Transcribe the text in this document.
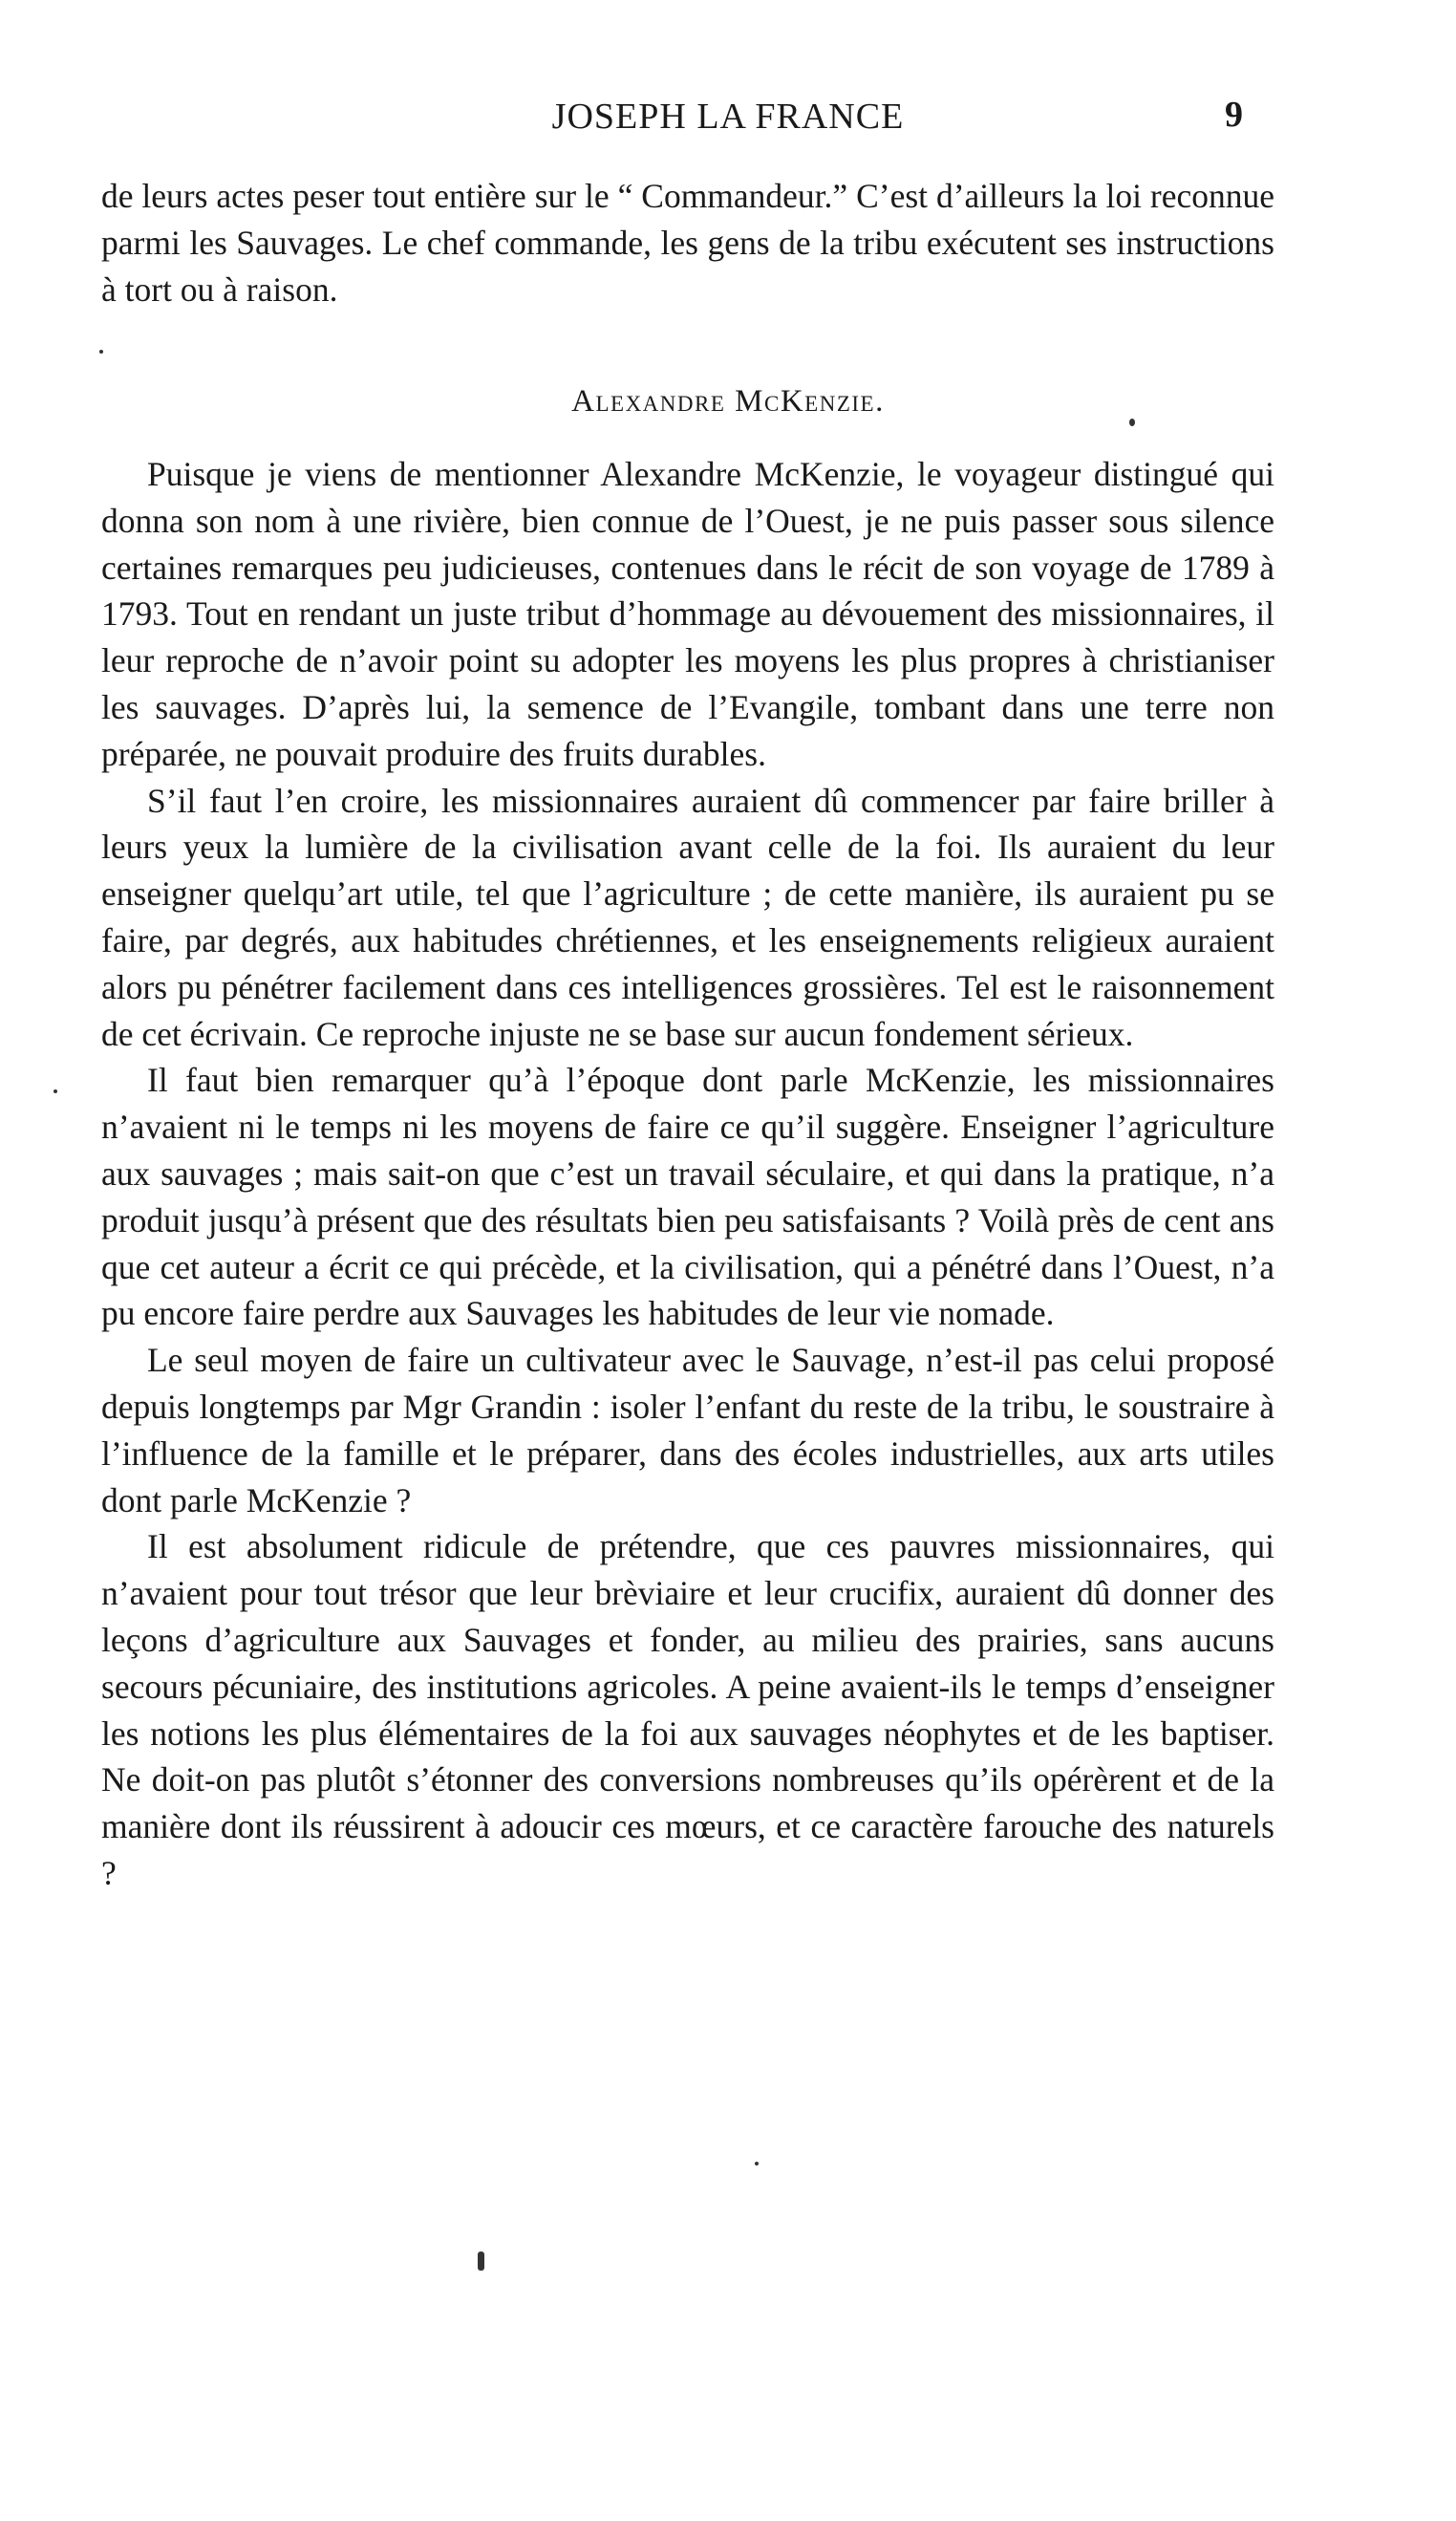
JOSEPH LA FRANCE	9

de leurs actes peser tout entière sur le “ Commandeur.” C’est d’ailleurs la loi reconnue parmi les Sauvages. Le chef commande, les gens de la tribu exécutent ses instructions à tort ou à raison.

Alexandre McKenzie.

Puisque je viens de mentionner Alexandre McKenzie, le voyageur distingué qui donna son nom à une rivière, bien connue de l’Ouest, je ne puis passer sous silence certaines remarques peu judicieuses, contenues dans le récit de son voyage de 1789 à 1793. Tout en rendant un juste tribut d’hommage au dévouement des missionnaires, il leur reproche de n’avoir point su adopter les moyens les plus propres à christianiser les sauvages. D’après lui, la semence de l’Evangile, tombant dans une terre non préparée, ne pouvait produire des fruits durables.

S’il faut l’en croire, les missionnaires auraient dû commencer par faire briller à leurs yeux la lumière de la civilisation avant celle de la foi. Ils auraient du leur enseigner quelqu’art utile, tel que l’agriculture ; de cette manière, ils auraient pu se faire, par degrés, aux habitudes chrétiennes, et les enseignements religieux auraient alors pu pénétrer facilement dans ces intelligences grossières. Tel est le raisonnement de cet écrivain. Ce reproche injuste ne se base sur aucun fondement sérieux.

Il faut bien remarquer qu’à l’époque dont parle McKenzie, les missionnaires n’avaient ni le temps ni les moyens de faire ce qu’il suggère. Enseigner l’agriculture aux sauvages ; mais sait-on que c’est un travail séculaire, et qui dans la pratique, n’a produit jusqu’à présent que des résultats bien peu satisfaisants ? Voilà près de cent ans que cet auteur a écrit ce qui précède, et la civilisation, qui a pénétré dans l’Ouest, n’a pu encore faire perdre aux Sauvages les habitudes de leur vie nomade.

Le seul moyen de faire un cultivateur avec le Sauvage, n’est-il pas celui proposé depuis longtemps par Mgr Grandin : isoler l’enfant du reste de la tribu, le soustraire à l’influence de la famille et le préparer, dans des écoles industrielles, aux arts utiles dont parle McKenzie ?

Il est absolument ridicule de prétendre, que ces pauvres missionnaires, qui n’avaient pour tout trésor que leur brèviaire et leur crucifix, auraient dû donner des leçons d’agriculture aux Sauvages et fonder, au milieu des prairies, sans aucuns secours pécuniaire, des institutions agricoles. A peine avaient-ils le temps d’enseigner les notions les plus élémentaires de la foi aux sauvages néophytes et de les baptiser. Ne doit-on pas plutôt s’étonner des conversions nombreuses qu’ils opérèrent et de la manière dont ils réussirent à adoucir ces mœurs, et ce caractère farouche des naturels ?
